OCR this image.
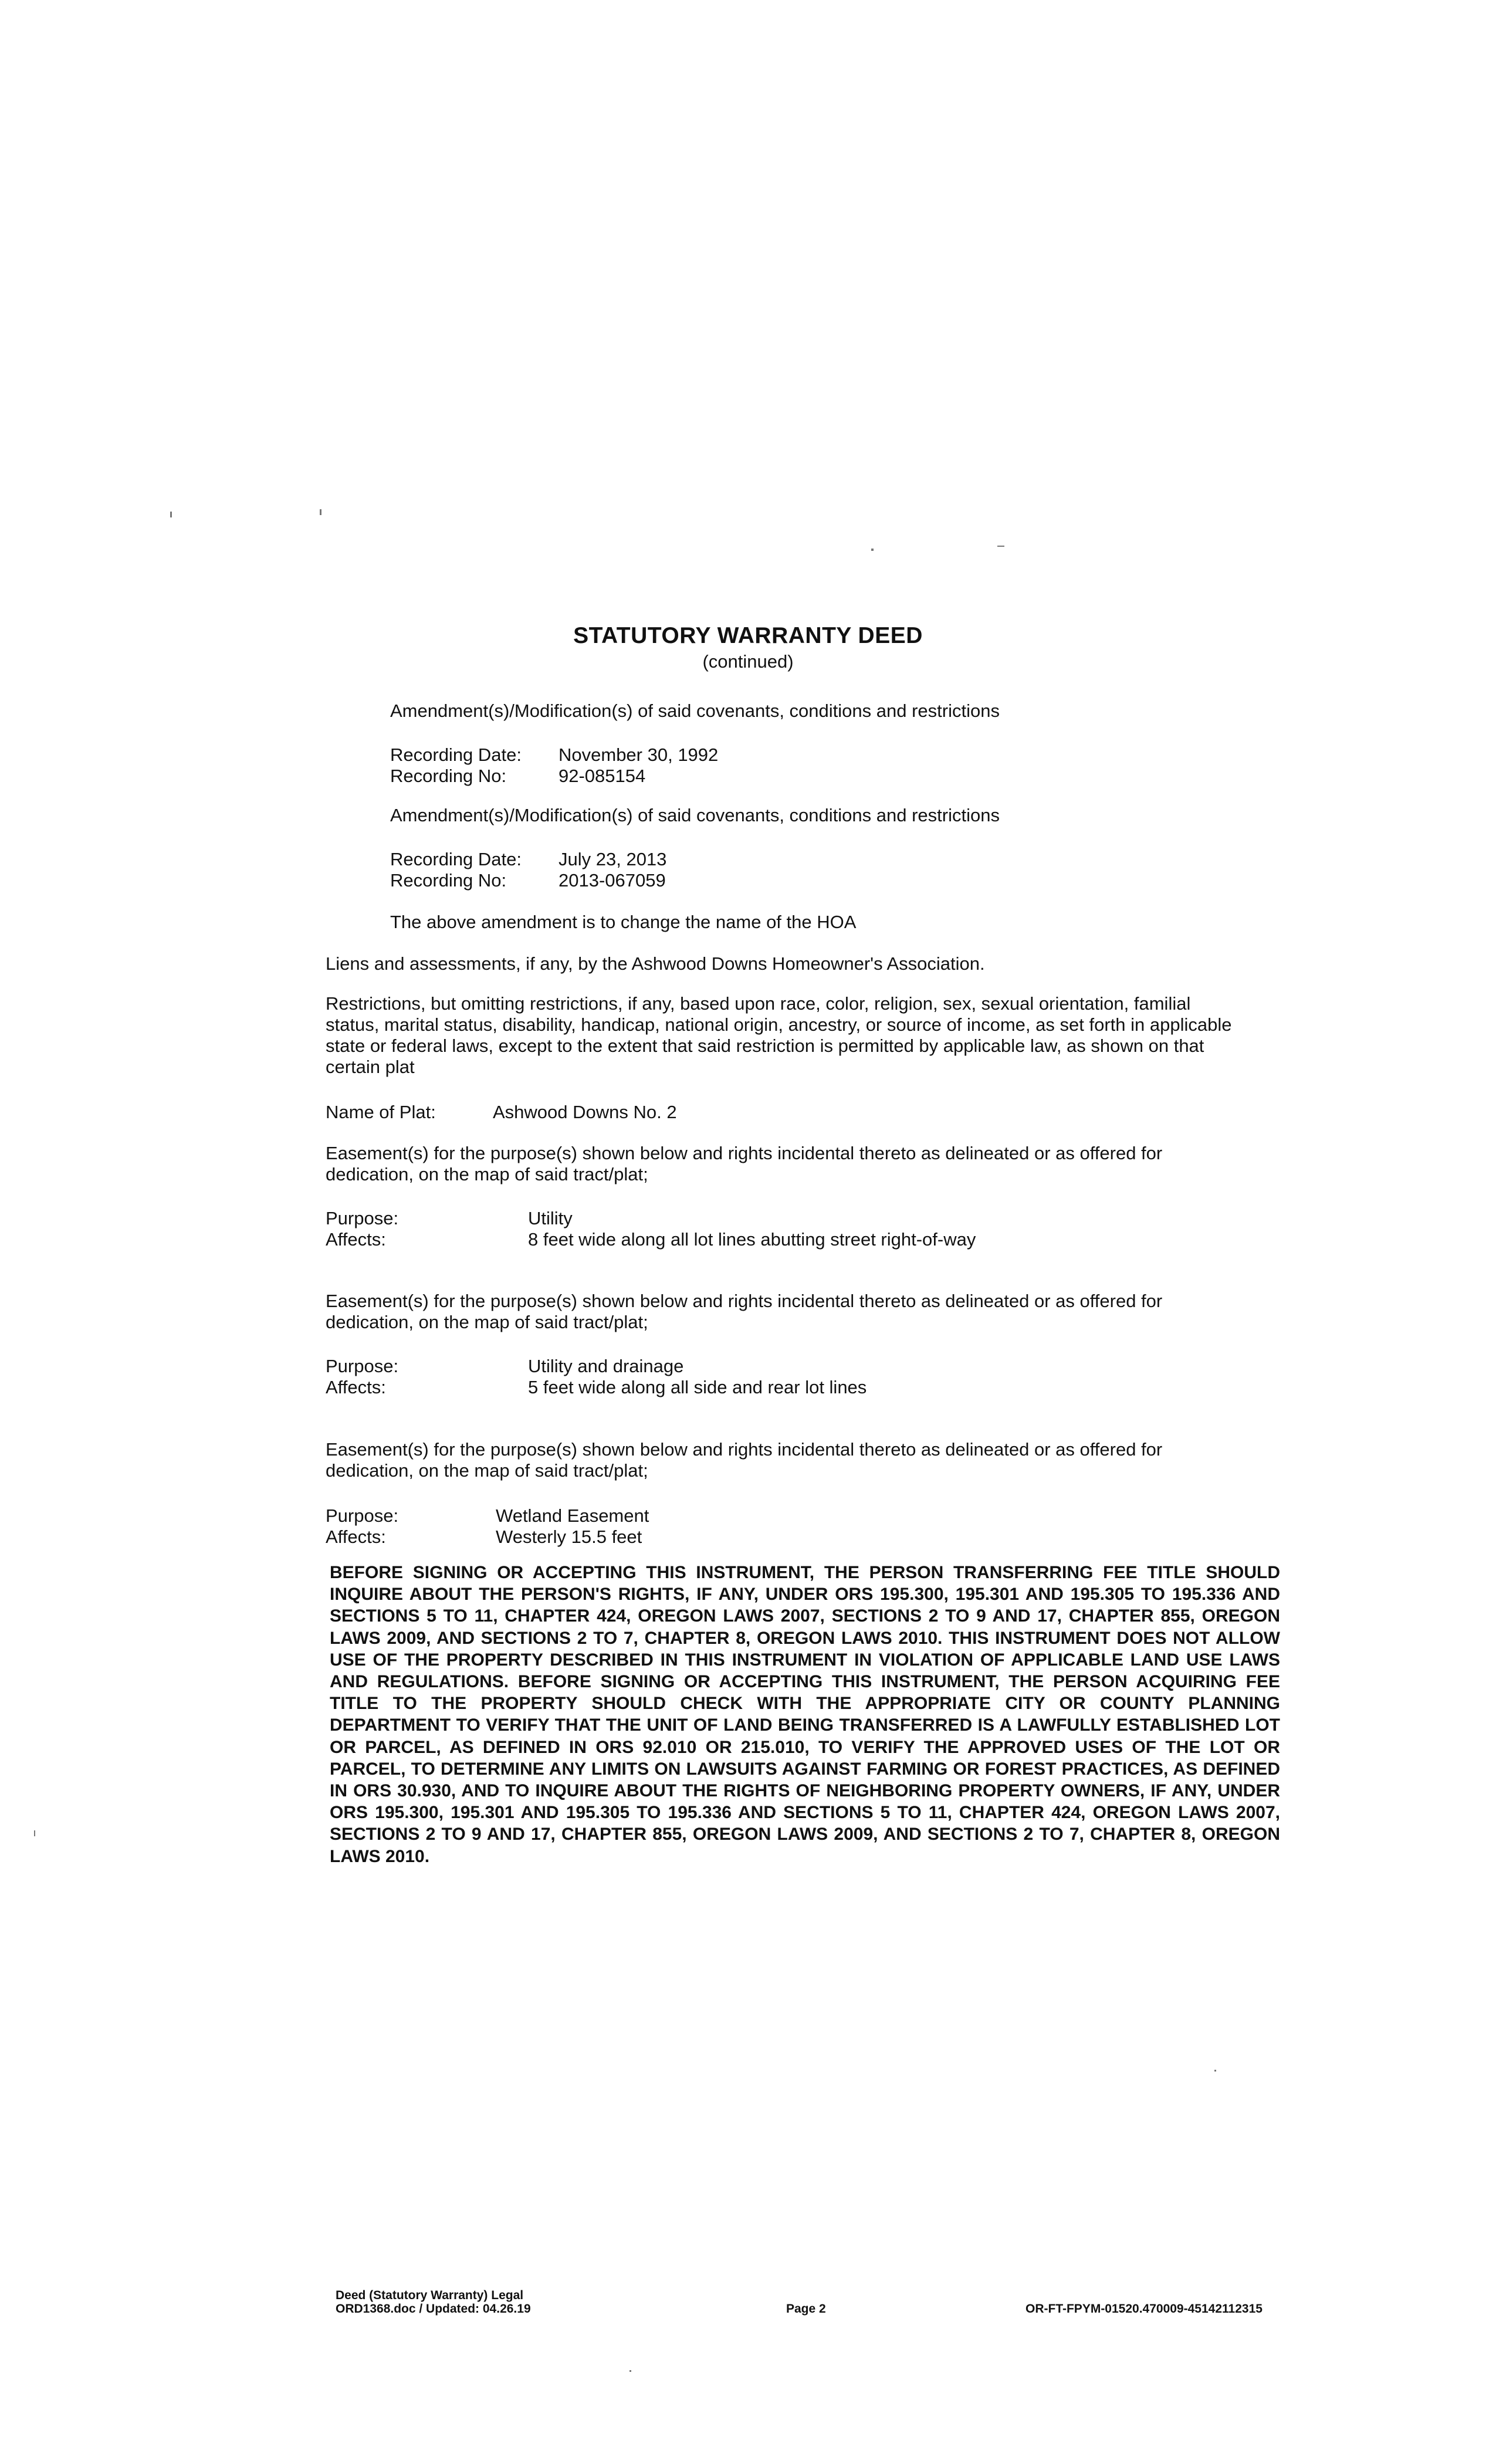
STATUTORY WARRANTY DEED
(continued)
Amendment(s)/Modification(s) of said covenants, conditions and restrictions
Recording Date: November 30, 1992
Recording No:	92-085154
Amendment(s)/Modification(s) of said covenants, conditions and restrictions
Recording Date: July 23, 2013
Recording No:	2013-067059
The above amendment is to change the name of the HOA
Liens and assessments, if any, by the Ashwood Downs Homeowner's Association.
Restrictions, but omitting restrictions, if any, based upon race, color, religion, sex, sexual orientation, familial
status, marital status, disability, handicap, national origin, ancestry, or source of income, as set forth in applicable
state or federal laws, except to the extent that said restriction is permitted by applicable law, as shown on that
certain plat
Name of Plat:	Ashwood Downs No. 2
Easement(s) for the purpose(s) shown below and rights incidental thereto as delineated or as offered for
dedication, on the map of said tract/plat;
Purpose:	Utility
Affects:	8 feet wide along all lot lines abutting street right-of-way
Easement(s) for the purpose(s) shown below and rights incidental thereto as delineated or as offered for
dedication, on the map of said tract/plat;
Purpose:	Utility and drainage
Affects:	5 feet wide along all side and rear lot lines
Easement(s) for the purpose(s) shown below and rights incidental thereto as delineated or as offered for
dedication, on the map of said tract/plat;
Purpose:	Wetland Easement
Affects:	Westerly 15.5 feet
BEFORE SIGNING OR ACCEPTING THIS INSTRUMENT, THE PERSON TRANSFERRING FEE TITLE SHOULD INQUIRE ABOUT THE PERSON'S RIGHTS, IF ANY, UNDER ORS 195.300, 195.301 AND 195.305 TO 195.336 AND SECTIONS 5 TO 11, CHAPTER 424, OREGON LAWS 2007, SECTIONS 2 TO 9 AND 17, CHAPTER 855, OREGON LAWS 2009, AND SECTIONS 2 TO 7, CHAPTER 8, OREGON LAWS 2010. THIS INSTRUMENT DOES NOT ALLOW USE OF THE PROPERTY DESCRIBED IN THIS INSTRUMENT IN VIOLATION OF APPLICABLE LAND USE LAWS AND REGULATIONS. BEFORE SIGNING OR ACCEPTING THIS INSTRUMENT, THE PERSON ACQUIRING FEE TITLE TO THE PROPERTY SHOULD CHECK WITH THE APPROPRIATE CITY OR COUNTY PLANNING DEPARTMENT TO VERIFY THAT THE UNIT OF LAND BEING TRANSFERRED IS A LAWFULLY ESTABLISHED LOT OR PARCEL, AS DEFINED IN ORS 92.010 OR 215.010, TO VERIFY THE APPROVED USES OF THE LOT OR PARCEL, TO DETERMINE ANY LIMITS ON LAWSUITS AGAINST FARMING OR FOREST PRACTICES, AS DEFINED IN ORS 30.930, AND TO INQUIRE ABOUT THE RIGHTS OF NEIGHBORING PROPERTY OWNERS, IF ANY, UNDER ORS 195.300, 195.301 AND 195.305 TO 195.336 AND SECTIONS 5 TO 11, CHAPTER 424, OREGON LAWS 2007, SECTIONS 2 TO 9 AND 17, CHAPTER 855, OREGON LAWS 2009, AND SECTIONS 2 TO 7, CHAPTER 8, OREGON LAWS 2010.
Deed (Statutory Warranty) Legal
ORD1368.doc / Updated: 04.26.19	Page 2	OR-FT-FPYM-01520.470009-45142112315
